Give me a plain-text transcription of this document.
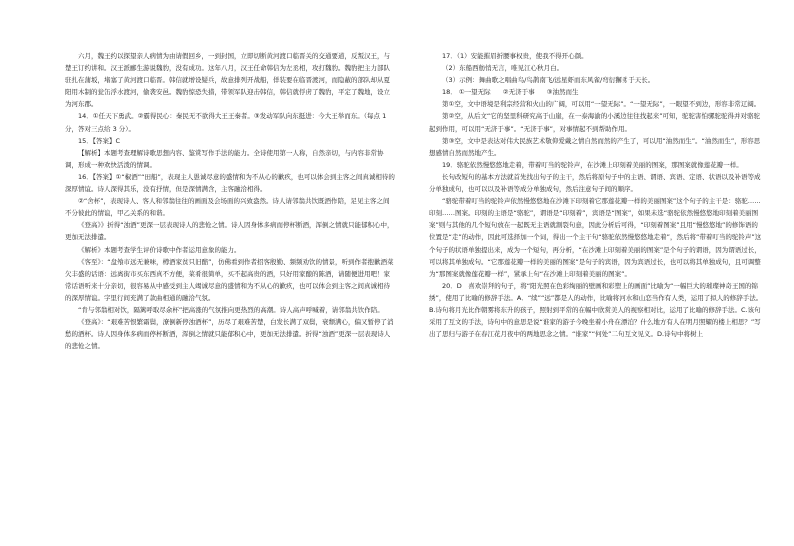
六月，魏王约以探望亲人病情为由请假回乡，一到封国，立即切断黄河渡口临晋关的交通要道，反叛汉王，与楚王订约讲和。汉王派郦生游说魏豹，没有成功。这年八月，汉王任命韩信为左丞相，攻打魏豹。魏豹把主力部队驻扎在蒲坂，堵塞了黄河渡口临晋。韩信就增设疑兵，故意排列开战船，佯装要在临晋渡河，而隐蔽的部队却从夏阳用木制的瓮缶浮水渡河，偷袭安邑。魏豹惊恐失措，带领军队迎击韩信，韩信就俘虏了魏豹，平定了魏地，设立为河东郡。

14．①任天下勇武。②霸得民心：秦民无不欲得大王王秦者。③发动军队向东挺进：今大王举而东。（每点 1 分，答对三点给 3 分）。

15．【答案】C

【解析】本题考查理解诗歌思想内容、鉴赏写作手法的能力。全诗使用第一人称，自然亲切，与内容非常协调，形成一种欢快活泼的情调。

16．【答案】①“椒酒”“田船”，表现主人愚诚尽意的盛情和为不从心的歉疚，也可以体会到主客之间真诚相待的深厚情谊。诗人深得其乐，没有抒情，但是深情满含，主客融洽相得。

②“舍杯”，表现诗人、客人和邻翁往往的画面及会场面的兴致盎然。诗人请邻翁共饮既酒作陪，足见主客之间不分彼此的情谊，甲乙关系的和谐。

《登高》》折得“浊酒”更深一层表现诗人的悲怆之情。诗人因身体多病而停杯断酒，浑倒之情就只能郁积心中，更加无法排遣。

《解析》本题考查学生评价诗歌中作者运用意象的能力。

《客至》：“盘飧市远无兼味，樽酒家贫只旧醅”，仿佛看到作者招客殷勤、频频劝饮的情景，听到作者抱歉酒菜欠丰盛的话语：远离街市买东西真不方便，菜肴很简单，买不起高贵的酒，只好用家酿的陈酒，请随便进用吧！家常话语听来十分亲切，很容易从中感受到主人竭诚尽意的盛情和为不从心的歉疚，也可以体会到主客之间真诚相待的深厚情谊。字里行间充满了款曲相通的融洽气氛。

“肯与邻翁相对饮，隔篱呼取尽余杯”把高涨的气氛推向更热烈的高潮。诗人高声呼喊着，请邻翁共饮作陪。

《登高》：“艰难苦恨繁霜鬓，潦倒新停浊酒杯”，历尽了艰难苦楚，白发长满了双鬓，衰颓满心，偏又暂停了消愁的酒杯。诗人因身体多病而停杯断酒，浑倒之情就只能郁积心中，更加无法排遣。折得“浊酒”更深一层表现诗人的悲怆之情。

17．（1）安能摧眉折腰事权贵，使我不得开心颜。

（2）东船西舫悄无言，唯见江心秋月白。

（3）示例：舞曲歌之唱曲鸟/鸟鹊南飞/远星虾而东风雀/弯衍獬豸于天长。

18． ①一望无际 ②无济于事 ③油然而生

第①空，文中语境是利宗经营和火山的广阔，可以用“一望无际”。“一望无际”，一眼望不到边，形容非常辽阔。

第②空，从后文“它的坚里科研究高于山崖，在一泰海渝的小溪边往往找起来”可知，驼驼害怕骡驼驼得并对骆驼起到作用，可以用“无济于事”。“无济于事”，对事情起不到帮助作用。

第③空，文中是表达对伟大民族艺术敬仰爱戴之情自然而然的产生了，可以用“油然而生”。“油然而生”，形容思想感情自然而然地产生。

19．骆驼依然慢悠悠地走着，带着叮当的驼铃声，在沙滩上印刻着美丽的图案，那图案就像莲花瓣一样。

长句改短句的基本方法就首先找出句子的主干，然后将原句子中的主语、谓语、宾语、定语、状语以及补语等成分单独成句，也可以以及补语等成分单独成句，然后注意句子间的顺序。

“骆驼带着叮当的驼铃声依然慢悠悠地在沙滩下印刻着它那莲花瓣一样的美丽图案”这个句子的主干是：骆驼……印刻……图案。印刻的主语是“骆驼”，谓语是“印刻着”，宾语是“图案”，如果未选“骆驼依然慢悠悠地印刻着美丽图案”则与其他的几个短句放在一起既无主语就割裂句意，因此分析后可得，“印刻着图案”且用“慢悠悠地”的修饰语的位置是“走”的动作，因此可选择加一个词，得出一个主干句“骆驼依然慢悠悠地走着”，然后将“带着叮当的驼铃声”这个句子的状语单独提出来，成为一个短句，再分析，“在沙滩上印刻着美丽的图案”是个句子的谓语，因为谓语过长，可以将其单独成句。“它那莲花瓣一样的美丽的图案”是句子的宾语，因为宾语过长，也可以将其单独成句，且可调整为“那图案就像莲花瓣一样”，紧承上句“在沙滩上印刻着美丽的图案”。

20．D　喜欢崇拜的句子，将“阳光照在色彩绚丽的壁画和彩塑上的画面”比喻为“一幅巨大的璀璨神奇王国的锦绣”，使用了比喻的修辞手法。A．“续”“远”都是人的动作，比喻将河水和山恋当作有人类，运用了拟人的修辞手法。B.诗句将月光比作朝雾将东升的孩子，照射到平常的在幅中欣赏美人的视察相对比，运用了比喻的修辞手法。C.该句采用了互文的手法，诗句中的意思是说“谁家的游子今晚坐着小舟在漂泊？什么地方有人在明月照耀的楼上相思？”写出了思归与游子在春江花月夜中的两地思念之情。“谁家”“何处”二句互文见义。D.诗句中将树上
